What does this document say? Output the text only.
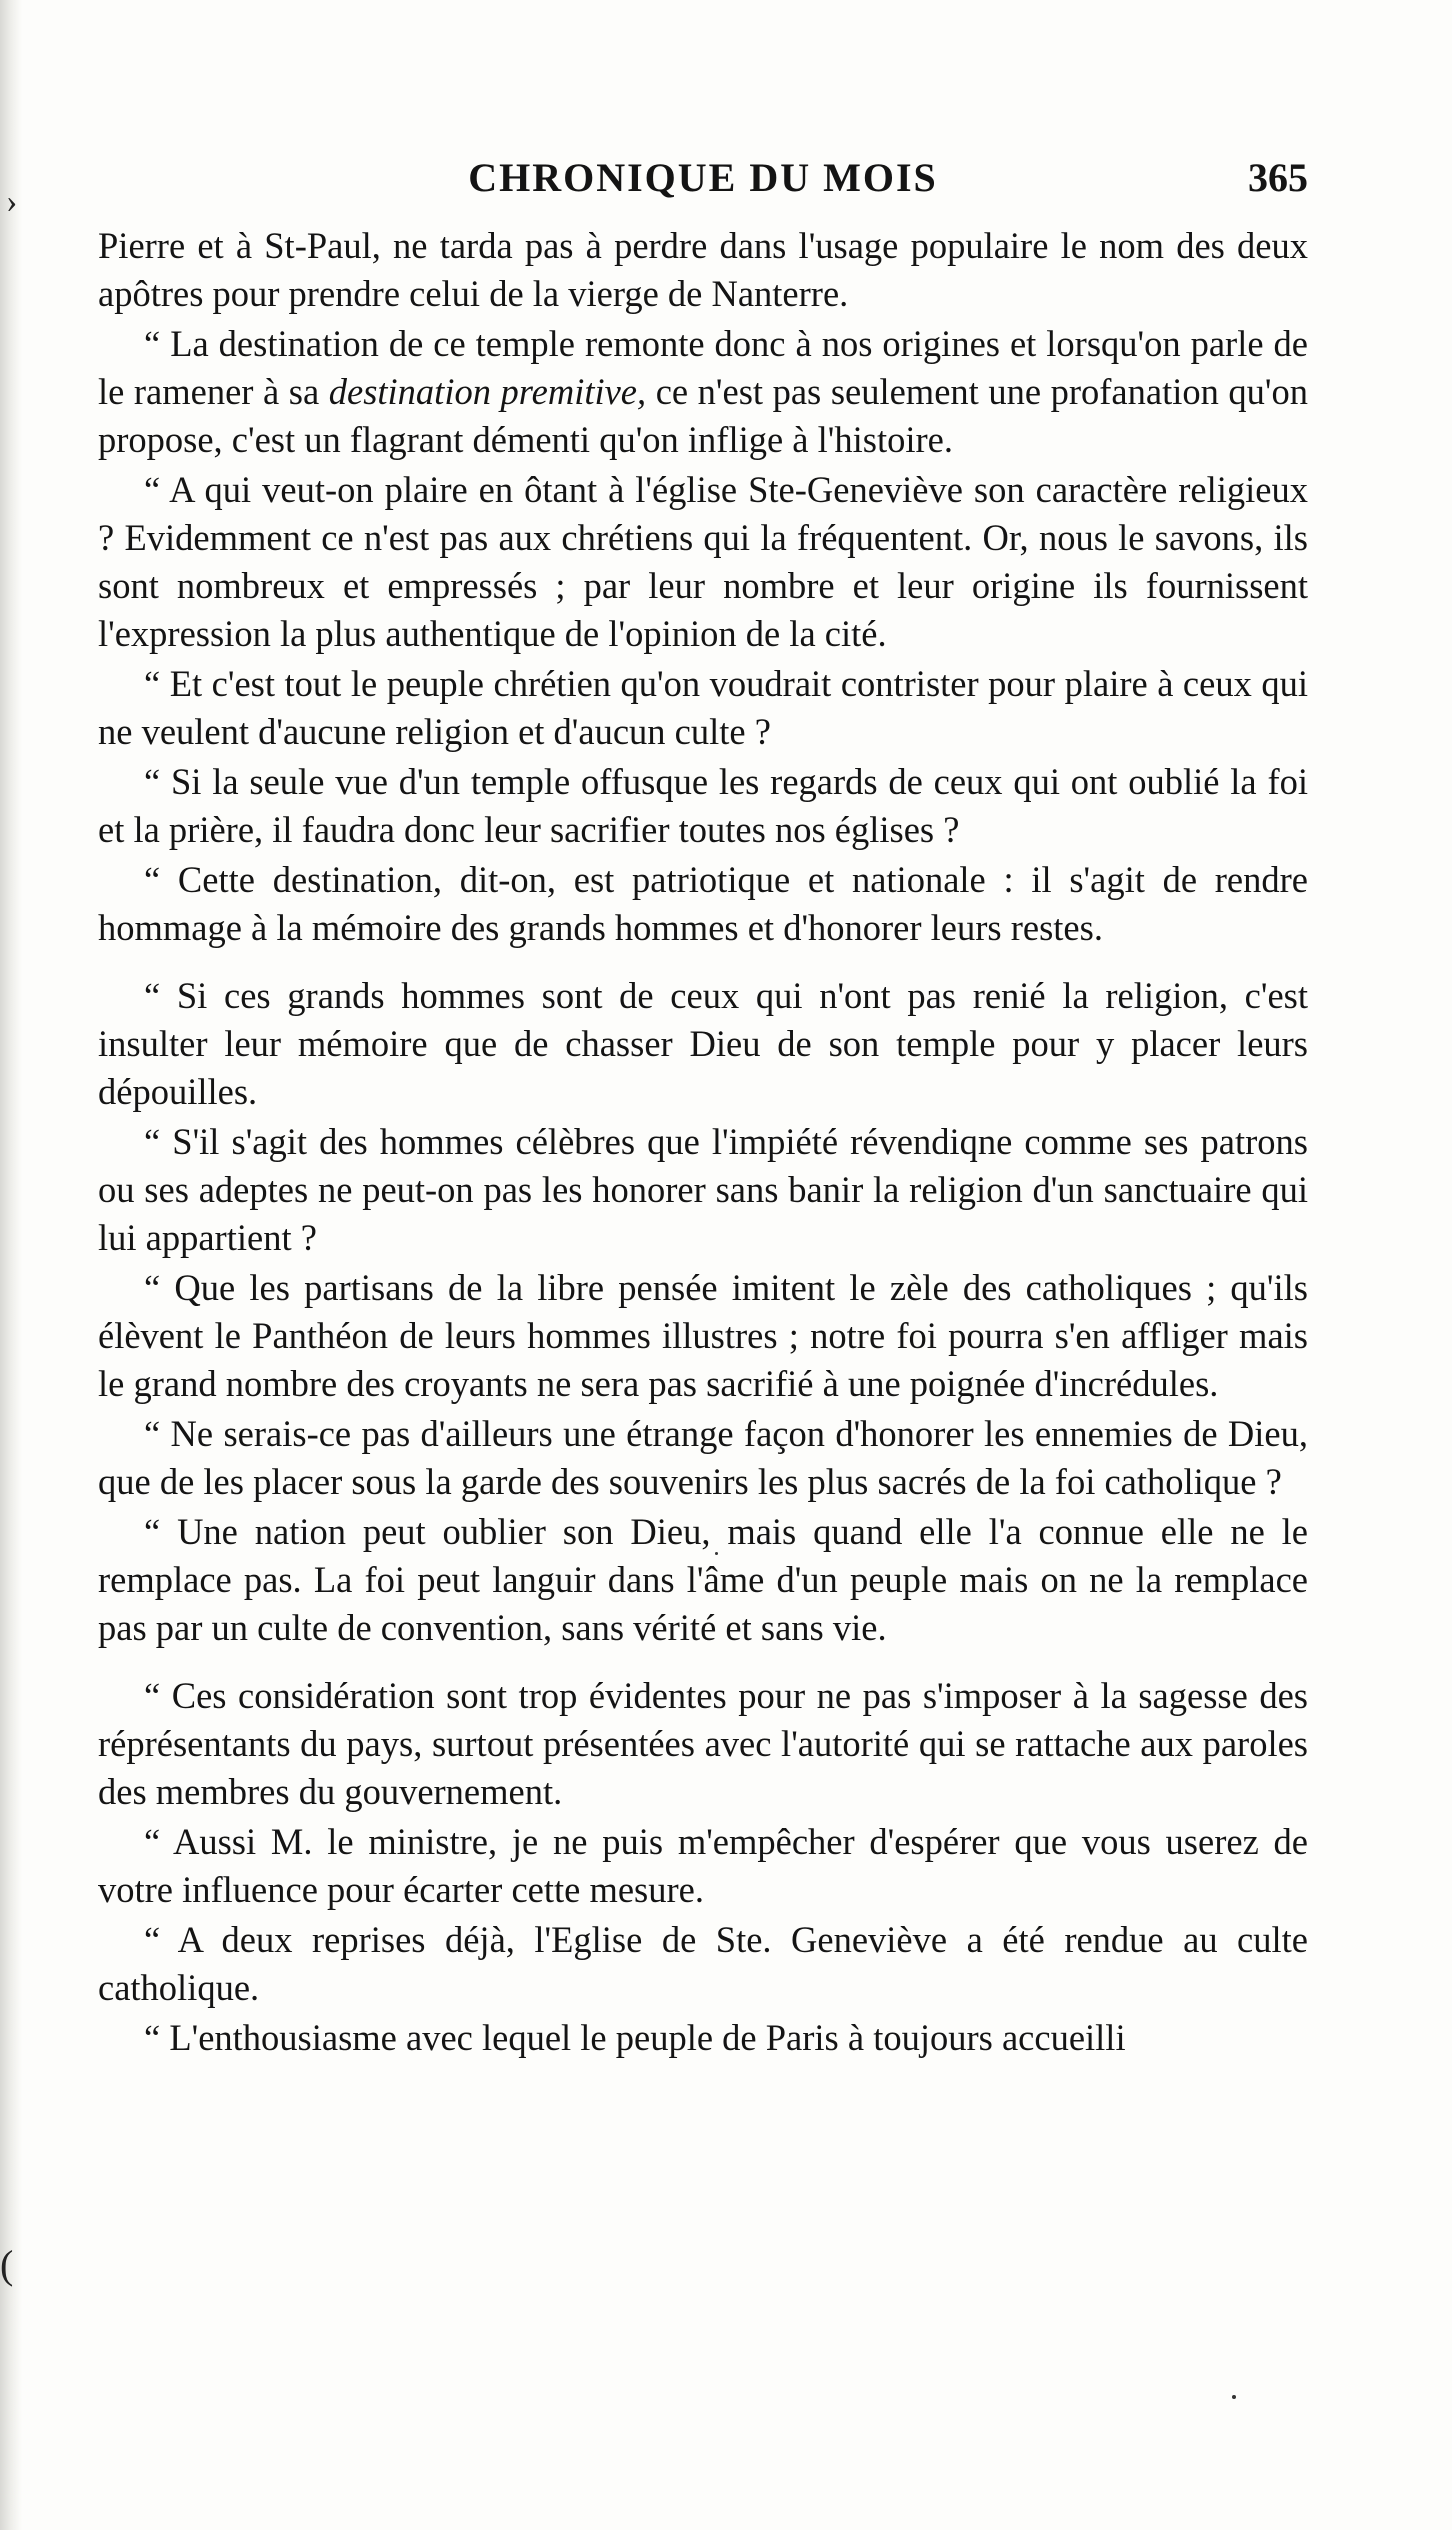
›
(
CHRONIQUE DU MOIS	365

Pierre et à St-Paul, ne tarda pas à perdre dans l'usage populaire le nom des deux apôtres pour prendre celui de la vierge de Nanterre.

“ La destination de ce temple remonte donc à nos origines et lorsqu'on parle de le ramener à sa destination premitive, ce n'est pas seulement une profanation qu'on propose, c'est un flagrant démenti qu'on inflige à l'histoire.

“ A qui veut-on plaire en ôtant à l'église Ste-Geneviève son caractère religieux ? Evidemment ce n'est pas aux chrétiens qui la fréquentent. Or, nous le savons, ils sont nombreux et empressés ; par leur nombre et leur origine ils fournissent l'expression la plus authentique de l'opinion de la cité.

“ Et c'est tout le peuple chrétien qu'on voudrait contrister pour plaire à ceux qui ne veulent d'aucune religion et d'aucun culte ?

“ Si la seule vue d'un temple offusque les regards de ceux qui ont oublié la foi et la prière, il faudra donc leur sacrifier toutes nos églises ?

“ Cette destination, dit-on, est patriotique et nationale : il s'agit de rendre hommage à la mémoire des grands hommes et d'honorer leurs restes.

“ Si ces grands hommes sont de ceux qui n'ont pas renié la religion, c'est insulter leur mémoire que de chasser Dieu de son temple pour y placer leurs dépouilles.

“ S'il s'agit des hommes célèbres que l'impiété révendiqne comme ses patrons ou ses adeptes ne peut-on pas les honorer sans banir la religion d'un sanctuaire qui lui appartient ?

“ Que les partisans de la libre pensée imitent le zèle des catholiques ; qu'ils élèvent le Panthéon de leurs hommes illustres ; notre foi pourra s'en affliger mais le grand nombre des croyants ne sera pas sacrifié à une poignée d'incrédules.

“ Ne serais-ce pas d'ailleurs une étrange façon d'honorer les ennemies de Dieu, que de les placer sous la garde des souvenirs les plus sacrés de la foi catholique ?

“ Une nation peut oublier son Dieu, mais quand elle l'a connue elle ne le remplace pas. La foi peut languir dans l'âme d'un peuple mais on ne la remplace pas par un culte de convention, sans vérité et sans vie.

“ Ces considération sont trop évidentes pour ne pas s'imposer à la sagesse des réprésentants du pays, surtout présentées avec l'autorité qui se rattache aux paroles des membres du gouvernement.

“ Aussi M. le ministre, je ne puis m'empêcher d'espérer que vous userez de votre influence pour écarter cette mesure.

“ A deux reprises déjà, l'Eglise de Ste. Geneviève a été rendue au culte catholique.

“ L'enthousiasme avec lequel le peuple de Paris à toujours accueilli
